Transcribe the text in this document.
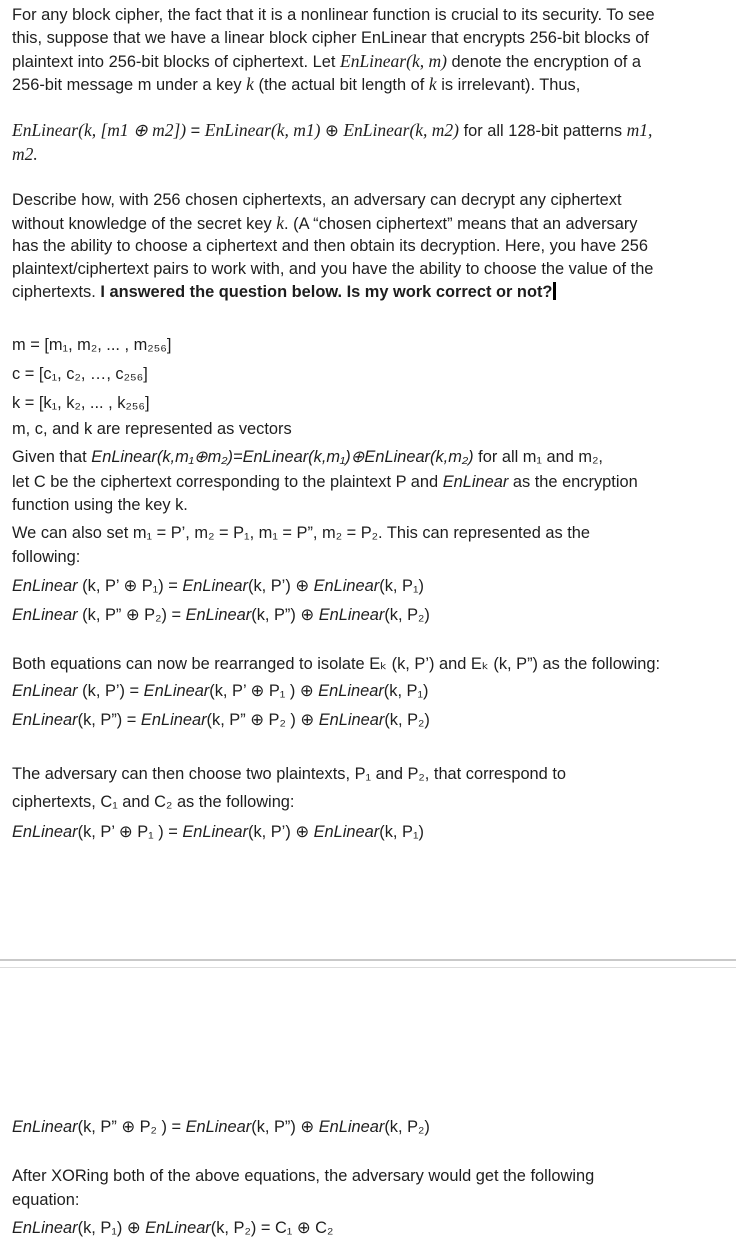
For any block cipher, the fact that it is a nonlinear function is crucial to its security. To see
this, suppose that we have a linear block cipher EnLinear that encrypts 256-bit blocks of
plaintext into 256-bit blocks of ciphertext. Let EnLinear(k, m) denote the encryption of a
256-bit message m under a key k (the actual bit length of k is irrelevant). Thus,
EnLinear(k, [m1 ⊕ m2]) = EnLinear(k, m1) ⊕ EnLinear(k, m2) for all 128-bit patterns m1,
m2.
Describe how, with 256 chosen ciphertexts, an adversary can decrypt any ciphertext
without knowledge of the secret key k. (A “chosen ciphertext” means that an adversary
has the ability to choose a ciphertext and then obtain its decryption. Here, you have 256
plaintext/ciphertext pairs to work with, and you have the ability to choose the value of the
ciphertexts. I answered the question below. Is my work correct or not?
m = [m₁, m₂, ... , m₂₅₆]
c = [c₁, c₂, …, c₂₅₆]
k = [k₁, k₂, ... , k₂₅₆]
m, c, and k are represented as vectors
Given that EnLinear(k,m₁⊕m₂)=EnLinear(k,m₁)⊕EnLinear(k,m₂) for all m₁ and m₂,
let C be the ciphertext corresponding to the plaintext P and EnLinear as the encryption
function using the key k.
We can also set m₁ = P’, m₂ = P₁, m₁ = P”, m₂ = P₂. This can represented as the
following:
EnLinear (k, P’ ⊕ P₁) = EnLinear(k, P’) ⊕ EnLinear(k, P₁)
EnLinear (k, P” ⊕ P₂) = EnLinear(k, P”) ⊕ EnLinear(k, P₂)
Both equations can now be rearranged to isolate Eₖ (k, P’) and Eₖ (k, P”) as the following:
EnLinear (k, P’) = EnLinear(k, P’ ⊕ P₁ ) ⊕ EnLinear(k, P₁)
EnLinear(k, P”) = EnLinear(k, P” ⊕ P₂ ) ⊕ EnLinear(k, P₂)
The adversary can then choose two plaintexts, P₁ and P₂, that correspond to
ciphertexts, C₁ and C₂ as the following:
EnLinear(k, P’ ⊕ P₁ ) = EnLinear(k, P’) ⊕ EnLinear(k, P₁)
EnLinear(k, P” ⊕ P₂ ) = EnLinear(k, P”) ⊕ EnLinear(k, P₂)
After XORing both of the above equations, the adversary would get the following
equation:
EnLinear(k, P₁) ⊕ EnLinear(k, P₂) = C₁ ⊕ C₂
